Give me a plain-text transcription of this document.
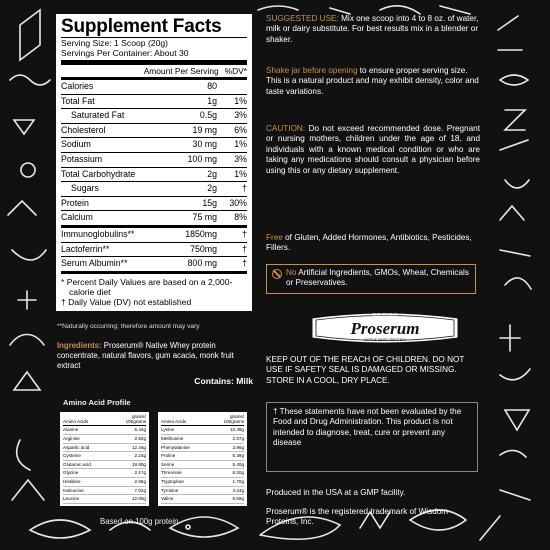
Supplement Facts
Serving Size: 1 Scoop (20g)
Servings Per Container: About 30
Amount Per Serving %DV*
Calories	80
Total Fat	1g	1%
Saturated Fat	0.5g	3%
Cholesterol	19 mg	6%
Sodium	30 mg	1%
Potassium	100 mg	3%
Total Carbohydrate	2g	1%
Sugars	2g	†
Protein	15g	30%
Calcium	75 mg	8%
Immunoglobulins**	1850mg	†
Lactoferrin**	750mg	†
Serum Albumin**	800 mg	†
* Percent Daily Values are based on a 2,000-calorie diet
† Daily Value (DV) not established
**Naturally occurring; therefore amount may vary
Ingredients: Proserum® Native Whey protein concentrate, natural flavors, gum acacia, monk fruit extract
Contains: Milk
Amino Acid Profile
Amino Acids
grams/
100grams
Alanine	5.44g
Arginine	2.84g
Aspartic acid	12.44g
Cysteine	2.24g
Glutamic acid	19.80g
Glycine	2.17g
Histidine	2.06g
Isoleucine	7.02g
Leucine	12.00g
Amino Acids
grams/
100grams
Lysine	10.48g
Methionine	2.07g
Phenylalanine	3.86g
Proline	6.49g
Serine	5.40g
Threonine	8.20g
Tryptophan	1.70g
Tyrosine	3.24g
Valine	6.69g
Based on 100g protein
SUGGESTED USE: Mix one scoop into 4 to 8 oz. of water, milk or dairy substitute. For best results mix in a blender or shaker.
Shake jar before opening to ensure proper serving size. This is a natural product and may exhibit density, color and taste variations.
CAUTION: Do not exceed recommended dose. Pregnant or nursing mothers, children under the age of 18, and individuals with a known medical condition or who are taking any medications should consult a physician before using this or any dietary supplement.
Free of Gluten, Added Hormones, Antibiotics, Pesticides, Fillers.
No Artificial Ingredients, GMOs, Wheat, Chemicals or Preservatives.
THE FINEST
Proserum
NATIVE WHEY PROTEIN
KEEP OUT OF THE REACH OF CHILDREN. DO NOT USE IF SAFETY SEAL IS DAMAGED OR MISSING. STORE IN A COOL, DRY PLACE.
† These statements have not been evaluated by the Food and Drug Administration. This product is not intended to diagnose, treat, cure or prevent any disease
Produced in the USA at a GMP facility.
Proserum® is the registered trademark of Wisdom Proteins, Inc.
